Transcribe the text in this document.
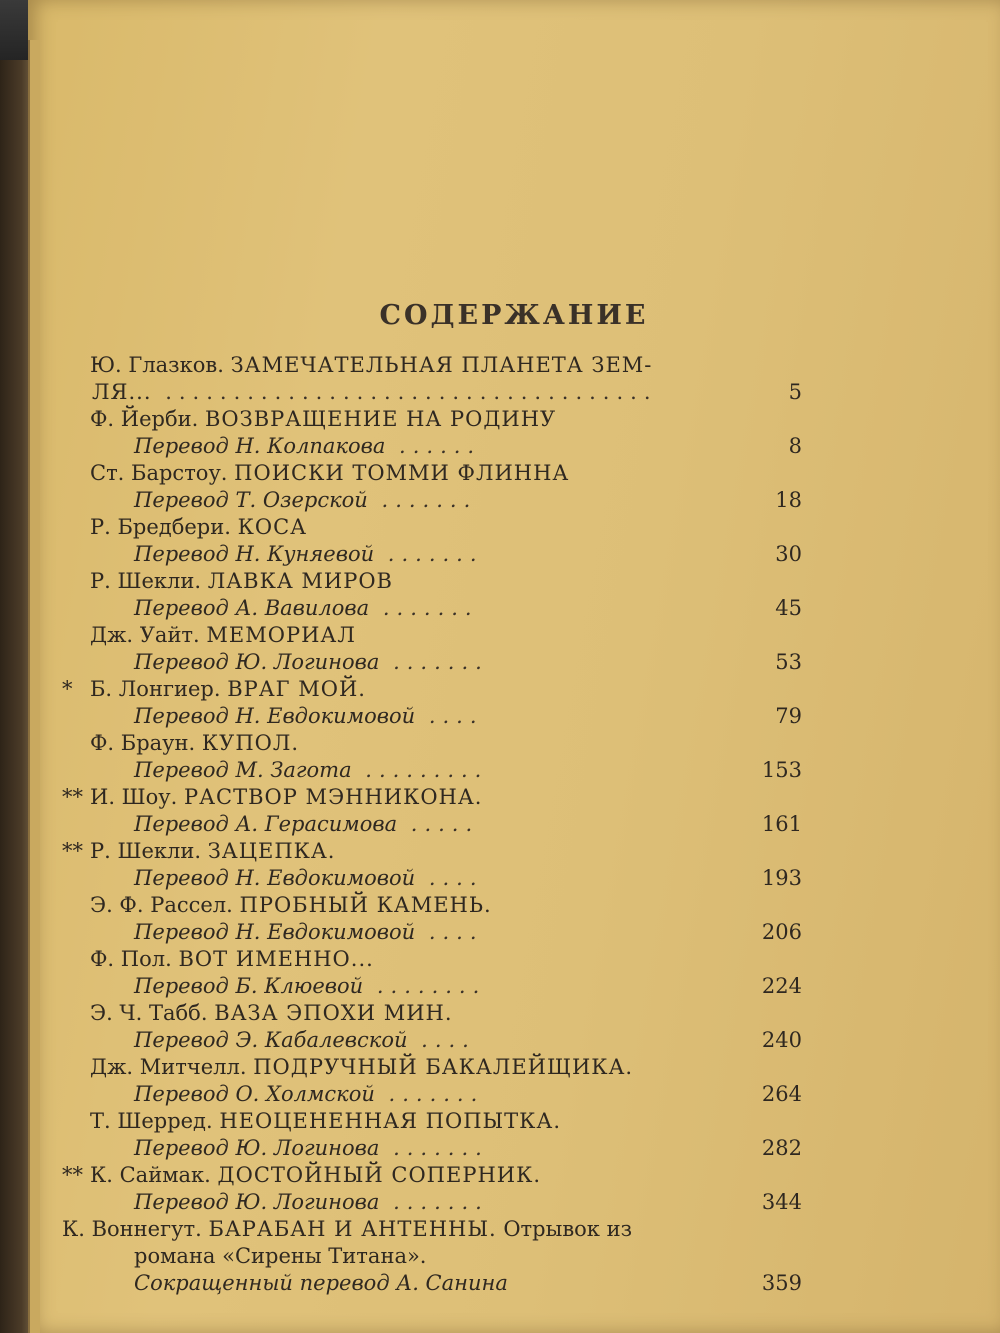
СОДЕРЖАНИЕ
Ю. Глазков. ЗАМЕЧАТЕЛЬНАЯ ПЛАНЕТА ЗЕМ-
ЛЯ... ....................................	5
Ф. Йерби. ВОЗВРАЩЕНИЕ НА РОДИНУ
Перевод Н. Колпакова ......	8
Ст. Барстоу. ПОИСКИ ТОММИ ФЛИННА
Перевод Т. Озерской .......	18
Р. Бредбери. КОСА
Перевод Н. Куняевой .......	30
Р. Шекли. ЛАВКА МИРОВ
Перевод А. Вавилова .......	45
Дж. Уайт. МЕМОРИАЛ
Перевод Ю. Логинова .......	53
* Б. Лонгиер. ВРАГ МОЙ.
Перевод Н. Евдокимовой ....	79
Ф. Браун. КУПОЛ.
Перевод М. Загота .........	153
** И. Шоу. РАСТВОР МЭННИКОНА.
Перевод А. Герасимова .....	161
** Р. Шекли. ЗАЦЕПКА.
Перевод Н. Евдокимовой ....	193
Э. Ф. Рассел. ПРОБНЫЙ КАМЕНЬ.
Перевод Н. Евдокимовой ....	206
Ф. Пол. ВОТ ИМЕННО...
Перевод Б. Клюевой ........	224
Э. Ч. Табб. ВАЗА ЭПОХИ МИН.
Перевод Э. Кабалевской ....	240
Дж. Митчелл. ПОДРУЧНЫЙ БАКАЛЕЙЩИКА.
Перевод О. Холмской .......	264
Т. Шерред. НЕОЦЕНЕННАЯ ПОПЫТКА.
Перевод Ю. Логинова .......	282
** К. Саймак. ДОСТОЙНЫЙ СОПЕРНИК.
Перевод Ю. Логинова .......	344
К. Воннегут. БАРАБАН И АНТЕННЫ. Отрывок из
романа «Сирены Титана».
Сокращенный перевод А. Санина	359
